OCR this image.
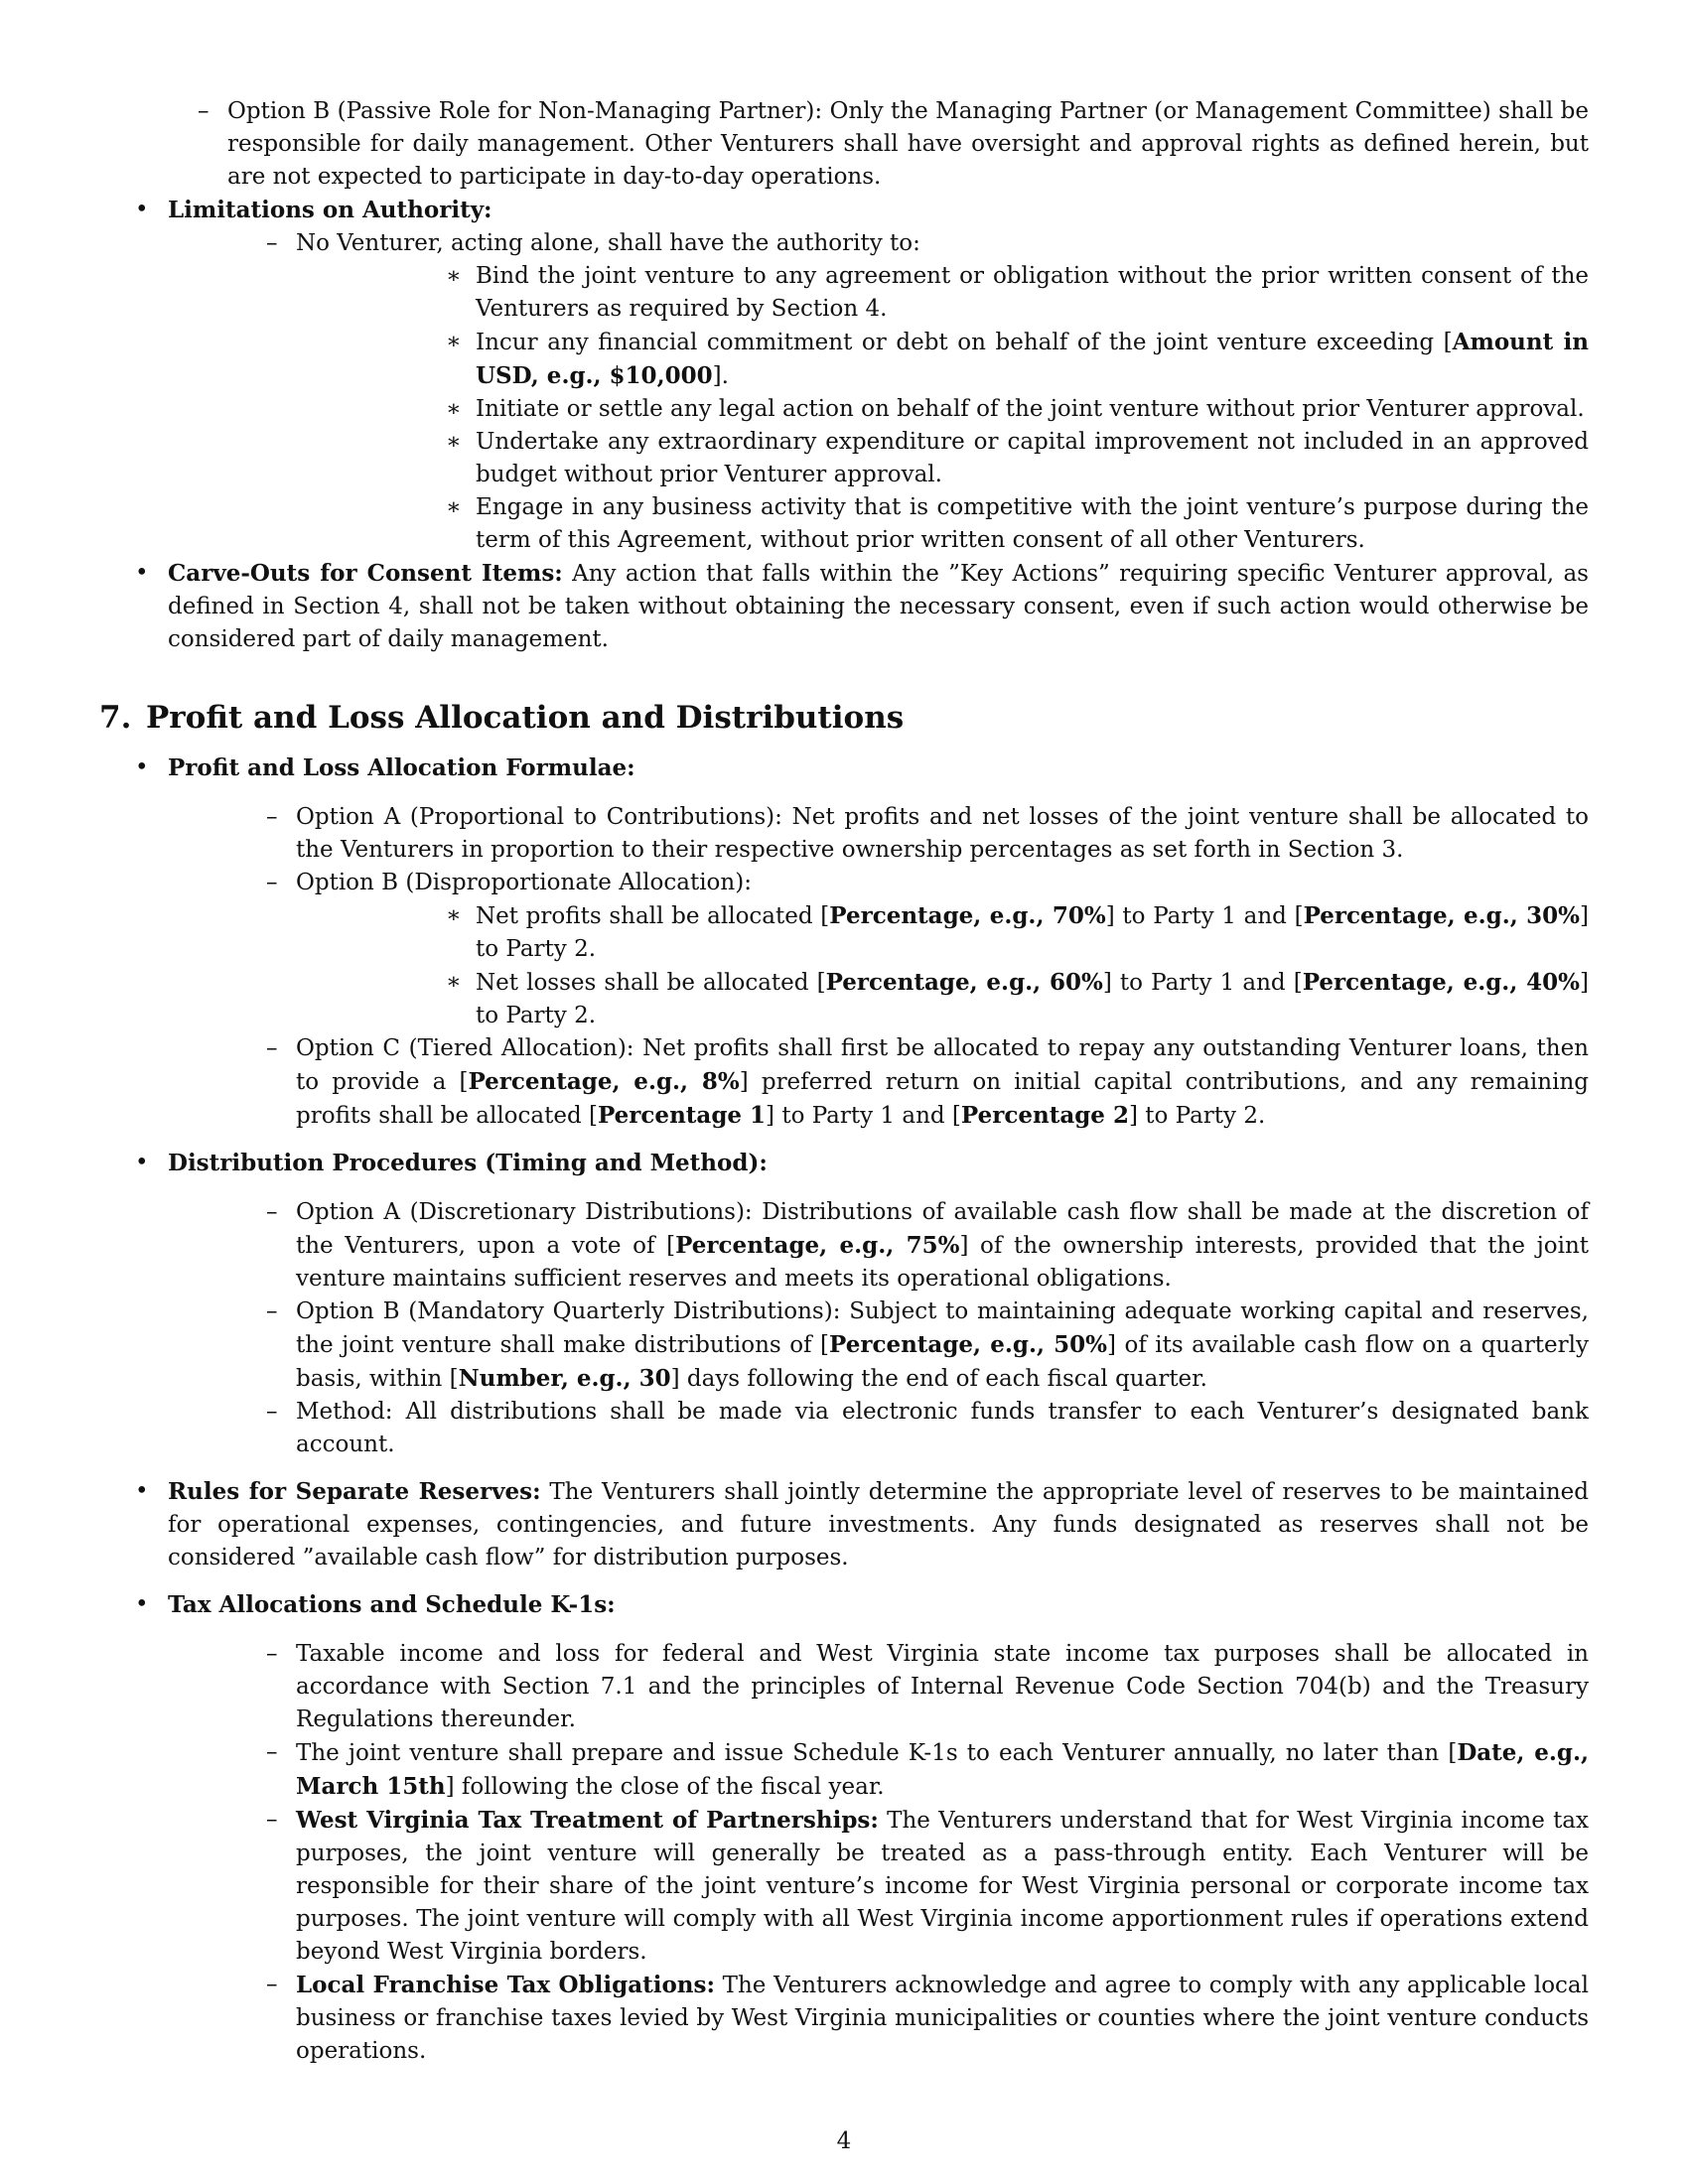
– Option B (Passive Role for Non-Managing Partner): Only the Managing Partner (or Management Committee) shall be responsible for daily management. Other Venturers shall have oversight and approval rights as defined herein, but are not expected to participate in day-to-day operations.
• Limitations on Authority:
– No Venturer, acting alone, shall have the authority to:
∗ Bind the joint venture to any agreement or obligation without the prior written consent of the Venturers as required by Section 4.
∗ Incur any financial commitment or debt on behalf of the joint venture exceeding [Amount in USD, e.g., $10,000].
∗ Initiate or settle any legal action on behalf of the joint venture without prior Venturer approval.
∗ Undertake any extraordinary expenditure or capital improvement not included in an approved budget without prior Venturer approval.
∗ Engage in any business activity that is competitive with the joint venture’s purpose during the term of this Agreement, without prior written consent of all other Venturers.
• Carve-Outs for Consent Items: Any action that falls within the ”Key Actions” requiring specific Venturer approval, as defined in Section 4, shall not be taken without obtaining the necessary consent, even if such action would otherwise be considered part of daily management.
7. Profit and Loss Allocation and Distributions
• Profit and Loss Allocation Formulae:
– Option A (Proportional to Contributions): Net profits and net losses of the joint venture shall be allocated to the Venturers in proportion to their respective ownership percentages as set forth in Section 3.
– Option B (Disproportionate Allocation):
∗ Net profits shall be allocated [Percentage, e.g., 70%] to Party 1 and [Percentage, e.g., 30%] to Party 2.
∗ Net losses shall be allocated [Percentage, e.g., 60%] to Party 1 and [Percentage, e.g., 40%] to Party 2.
– Option C (Tiered Allocation): Net profits shall first be allocated to repay any outstanding Venturer loans, then to provide a [Percentage, e.g., 8%] preferred return on initial capital contributions, and any remaining profits shall be allocated [Percentage 1] to Party 1 and [Percentage 2] to Party 2.
• Distribution Procedures (Timing and Method):
– Option A (Discretionary Distributions): Distributions of available cash flow shall be made at the discretion of the Venturers, upon a vote of [Percentage, e.g., 75%] of the ownership interests, provided that the joint venture maintains sufficient reserves and meets its operational obligations.
– Option B (Mandatory Quarterly Distributions): Subject to maintaining adequate working capital and reserves, the joint venture shall make distributions of [Percentage, e.g., 50%] of its available cash flow on a quarterly basis, within [Number, e.g., 30] days following the end of each fiscal quarter.
– Method: All distributions shall be made via electronic funds transfer to each Venturer’s designated bank account.
• Rules for Separate Reserves: The Venturers shall jointly determine the appropriate level of reserves to be maintained for operational expenses, contingencies, and future investments. Any funds designated as reserves shall not be considered ”available cash flow” for distribution purposes.
• Tax Allocations and Schedule K-1s:
– Taxable income and loss for federal and West Virginia state income tax purposes shall be allocated in accordance with Section 7.1 and the principles of Internal Revenue Code Section 704(b) and the Treasury Regulations thereunder.
– The joint venture shall prepare and issue Schedule K-1s to each Venturer annually, no later than [Date, e.g., March 15th] following the close of the fiscal year.
– West Virginia Tax Treatment of Partnerships: The Venturers understand that for West Virginia income tax purposes, the joint venture will generally be treated as a pass-through entity. Each Venturer will be responsible for their share of the joint venture’s income for West Virginia personal or corporate income tax purposes. The joint venture will comply with all West Virginia income apportionment rules if operations extend beyond West Virginia borders.
– Local Franchise Tax Obligations: The Venturers acknowledge and agree to comply with any applicable local business or franchise taxes levied by West Virginia municipalities or counties where the joint venture conducts operations.
4
